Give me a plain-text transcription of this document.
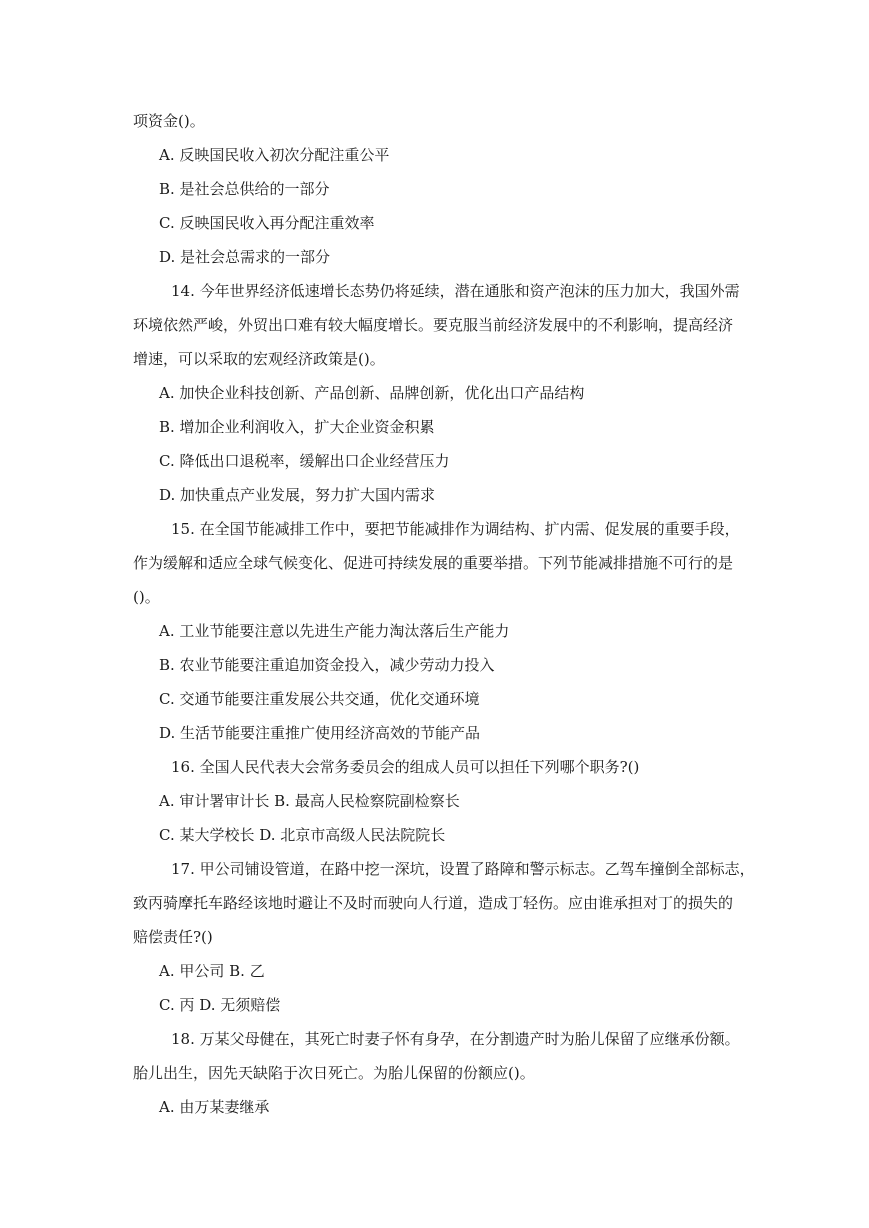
项资金()。
A. 反映国民收入初次分配注重公平
B. 是社会总供给的一部分
C. 反映国民收入再分配注重效率
D. 是社会总需求的一部分
14. 今年世界经济低速增长态势仍将延续，潜在通胀和资产泡沫的压力加大，我国外需
环境依然严峻，外贸出口难有较大幅度增长。要克服当前经济发展中的不利影响，提高经济
增速，可以采取的宏观经济政策是()。
A. 加快企业科技创新、产品创新、品牌创新，优化出口产品结构
B. 增加企业利润收入，扩大企业资金积累
C. 降低出口退税率，缓解出口企业经营压力
D. 加快重点产业发展，努力扩大国内需求
15. 在全国节能减排工作中，要把节能减排作为调结构、扩内需、促发展的重要手段，
作为缓解和适应全球气候变化、促进可持续发展的重要举措。下列节能减排措施不可行的是
()。
A. 工业节能要注意以先进生产能力淘汰落后生产能力
B. 农业节能要注重追加资金投入，减少劳动力投入
C. 交通节能要注重发展公共交通，优化交通环境
D. 生活节能要注重推广使用经济高效的节能产品
16. 全国人民代表大会常务委员会的组成人员可以担任下列哪个职务?()
A. 审计署审计长 B. 最高人民检察院副检察长
C. 某大学校长 D. 北京市高级人民法院院长
17. 甲公司铺设管道，在路中挖一深坑，设置了路障和警示标志。乙驾车撞倒全部标志，
致丙骑摩托车路经该地时避让不及时而驶向人行道，造成丁轻伤。应由谁承担对丁的损失的
赔偿责任?()
A. 甲公司 B. 乙
C. 丙 D. 无须赔偿
18. 万某父母健在，其死亡时妻子怀有身孕，在分割遗产时为胎儿保留了应继承份额。
胎儿出生，因先天缺陷于次日死亡。为胎儿保留的份额应()。
A. 由万某妻继承
